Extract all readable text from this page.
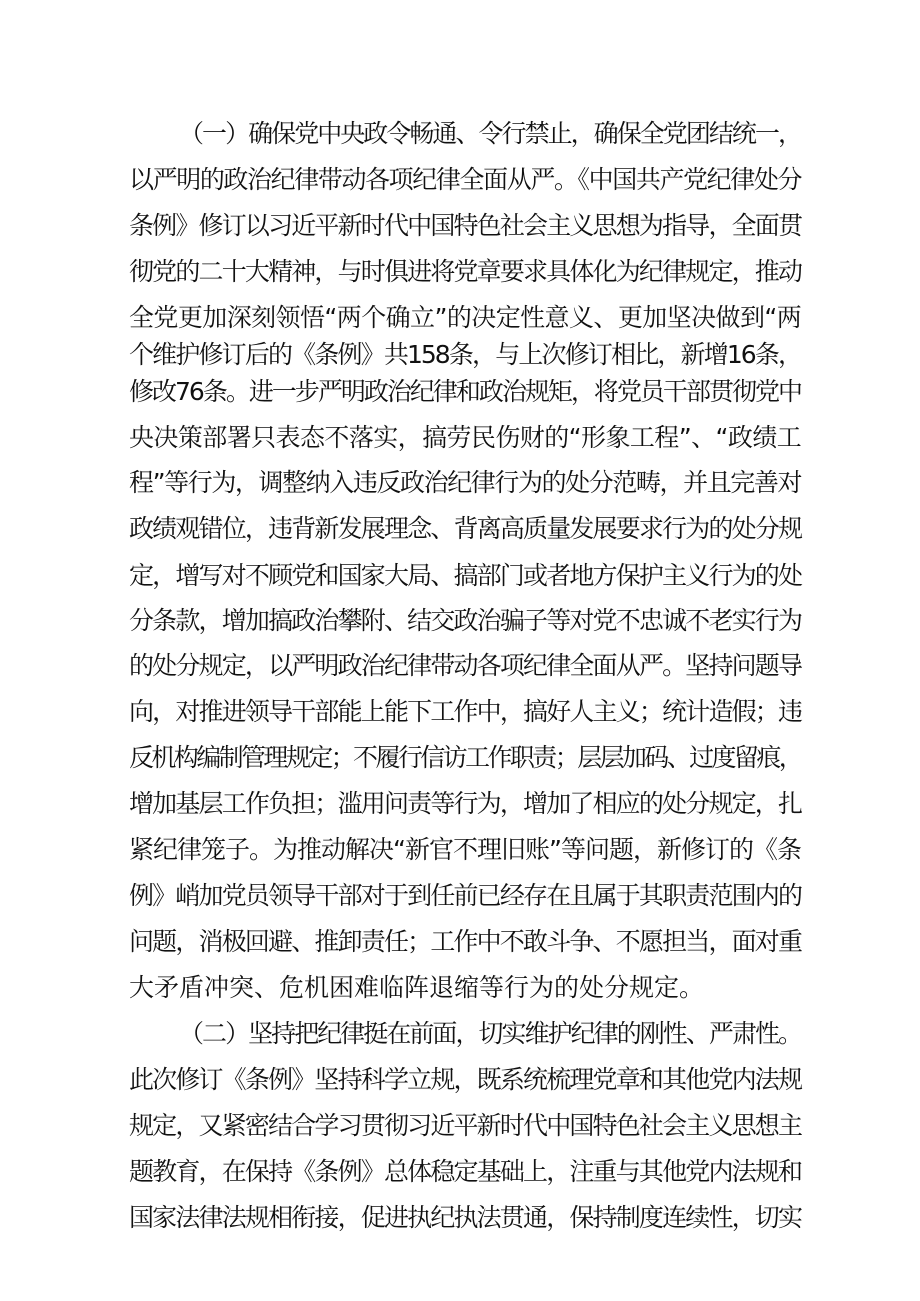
（一）确保党中央政令畅通、令行禁止，确保全党团结统一，
以严明的政治纪律带动各项纪律全面从严。《中国共产党纪律处分
条例》修订以习近平新时代中国特色社会主义思想为指导，全面贯
彻党的二十大精神，与时俱进将党章要求具体化为纪律规定，推动
全党更加深刻领悟“两个确立”的决定性意义、更加坚决做到“两
个维护修订后的《条例》共158条，与上次修订相比，新增16条，
修改76条。进一步严明政治纪律和政治规矩，将党员干部贯彻党中
央决策部署只表态不落实，搞劳民伤财的“形象工程”、“政绩工
程”等行为，调整纳入违反政治纪律行为的处分范畴，并且完善对
政绩观错位，违背新发展理念、背离高质量发展要求行为的处分规
定，增写对不顾党和国家大局、搞部门或者地方保护主义行为的处
分条款，增加搞政治攀附、结交政治骗子等对党不忠诚不老实行为
的处分规定，以严明政治纪律带动各项纪律全面从严。坚持问题导
向，对推进领导干部能上能下工作中，搞好人主义；统计造假；违
反机构编制管理规定；不履行信访工作职责；层层加码、过度留痕，
增加基层工作负担；滥用问责等行为，增加了相应的处分规定，扎
紧纪律笼子。为推动解决“新官不理旧账”等问题，新修订的《条
例》峭加党员领导干部对于到任前已经存在且属于其职责范围内的
问题，消极回避、推卸责任；工作中不敢斗争、不愿担当，面对重
大矛盾冲突、危机困难临阵退缩等行为的处分规定。
（二）坚持把纪律挺在前面，切实维护纪律的刚性、严肃性。
此次修订《条例》坚持科学立规，既系统梳理党章和其他党内法规
规定，又紧密结合学习贯彻习近平新时代中国特色社会主义思想主
题教育，在保持《条例》总体稳定基础上，注重与其他党内法规和
国家法律法规相衔接，促进执纪执法贯通，保持制度连续性，切实
